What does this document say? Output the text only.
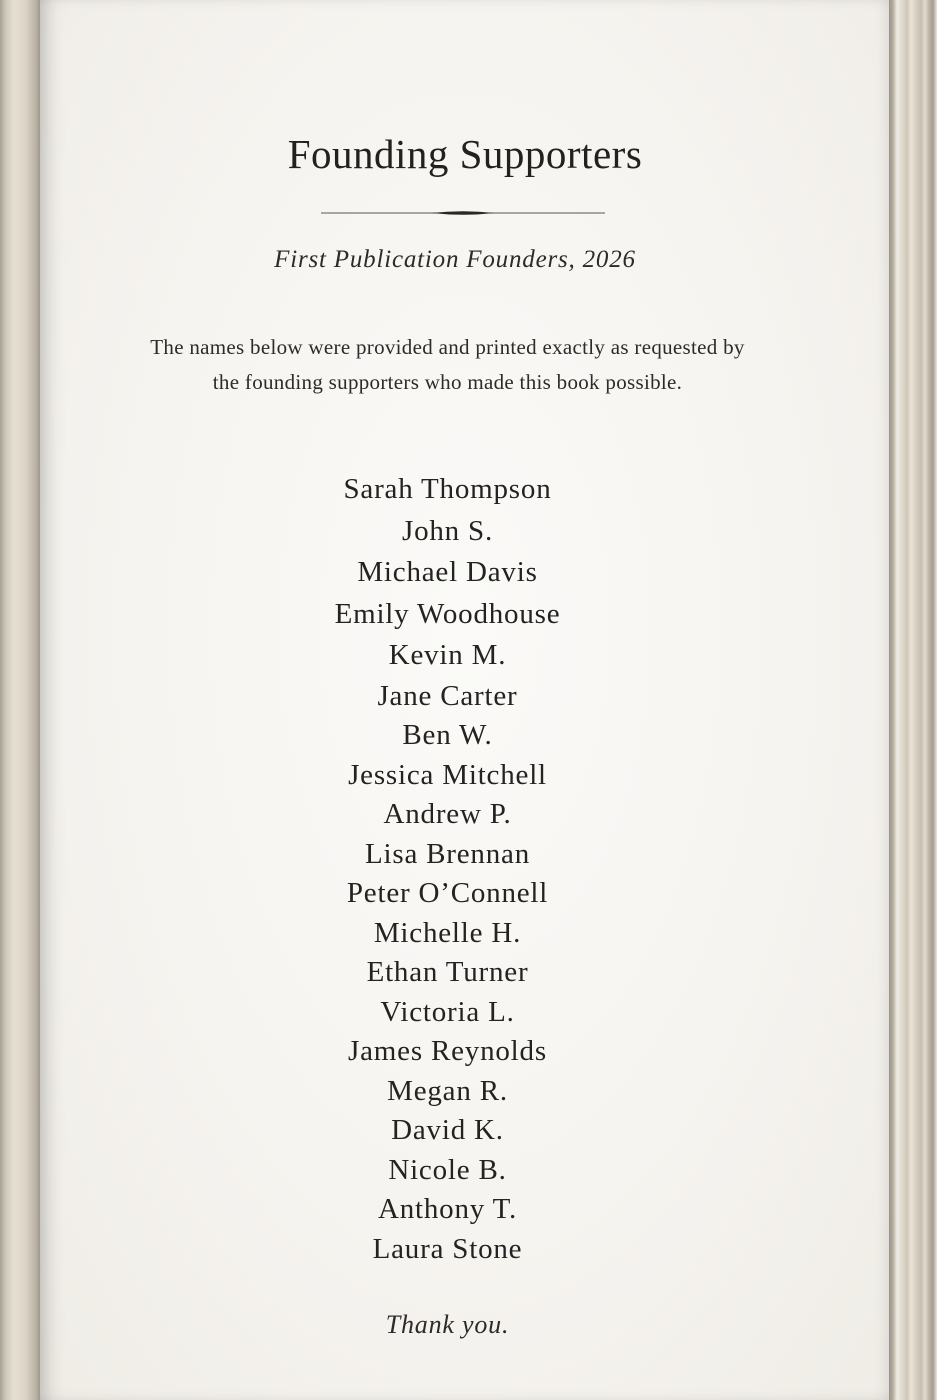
Founding Supporters
First Publication Founders, 2026

The names below were provided and printed exactly as requested by the founding supporters who made this book possible.

Sarah Thompson
John S.
Michael Davis
Emily Woodhouse
Kevin M.
Jane Carter
Ben W.
Jessica Mitchell
Andrew P.
Lisa Brennan
Peter O’Connell
Michelle H.
Ethan Turner
Victoria L.
James Reynolds
Megan R.
David K.
Nicole B.
Anthony T.
Laura Stone
Thank you.
